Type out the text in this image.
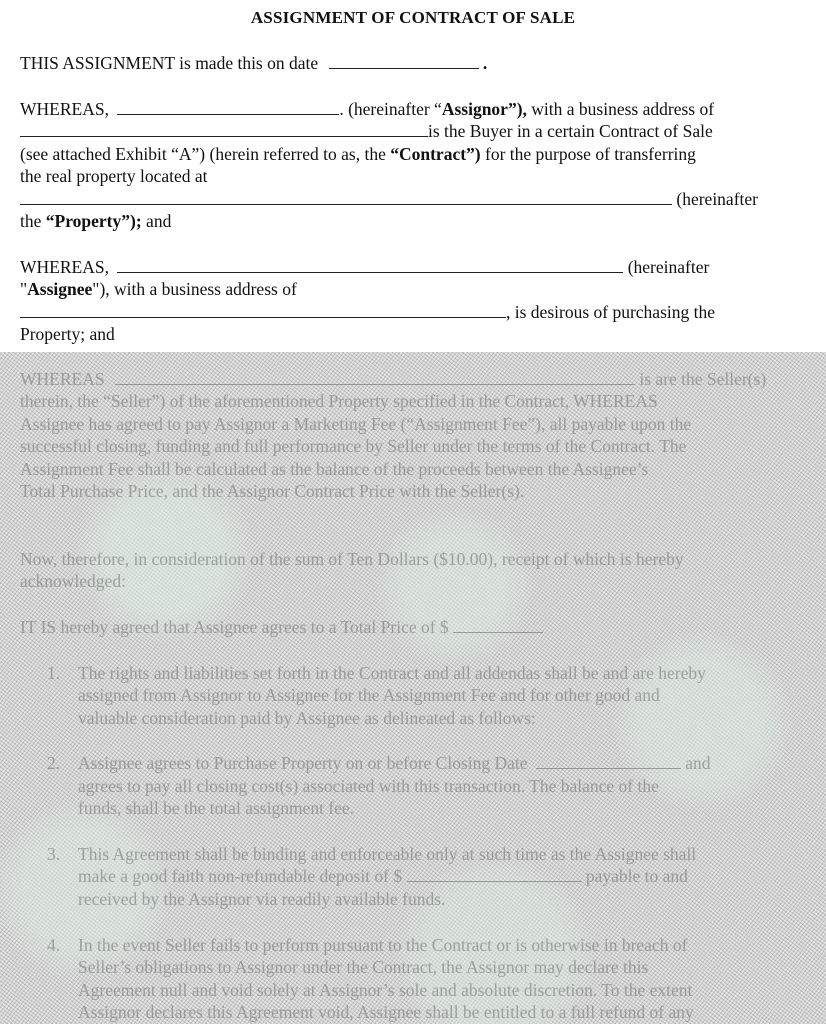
ASSIGNMENT OF CONTRACT OF SALE
THIS ASSIGNMENT is made this on date	.
WHEREAS,	. (hereinafter “Assignor”), with a business address of
is the Buyer in a certain Contract of Sale
(see attached Exhibit “A”) (herein referred to as, the “Contract”) for the purpose of transferring
the real property located at
(hereinafter
the “Property”); and
WHEREAS,	(hereinafter
"Assignee"), with a business address of
, is desirous of purchasing the
Property; and
WHEREAS	is are the Seller(s)
therein, the “Seller”) of the aforementioned Property specified in the Contract, WHEREAS
Assignee has agreed to pay Assignor a Marketing Fee (“Assignment Fee”), all payable upon the
successful closing, funding and full performance by Seller under the terms of the Contract. The
Assignment Fee shall be calculated as the balance of the proceeds between the Assignee’s
Total Purchase Price, and the Assignor Contract Price with the Seller(s).
Now, therefore, in consideration of the sum of Ten Dollars ($10.00), receipt of which is hereby
acknowledged:
IT IS hereby agreed that Assignee agrees to a Total Price of $
1. The rights and liabilities set forth in the Contract and all addendas shall be and are hereby
assigned from Assignor to Assignee for the Assignment Fee and for other good and
valuable consideration paid by Assignee as delineated as follows:
2. Assignee agrees to Purchase Property on or before Closing Date	and
agrees to pay all closing cost(s) associated with this transaction. The balance of the
funds, shall be the total assignment fee.
3. This Agreement shall be binding and enforceable only at such time as the Assignee shall
make a good faith non-refundable deposit of $	payable to and
received by the Assignor via readily available funds.
4. In the event Seller fails to perform pursuant to the Contract or is otherwise in breach of
Seller’s obligations to Assignor under the Contract, the Assignor may declare this
Agreement null and void solely at Assignor’s sole and absolute discretion. To the extent
Assignor declares this Agreement void, Assignee shall be entitled to a full refund of any
